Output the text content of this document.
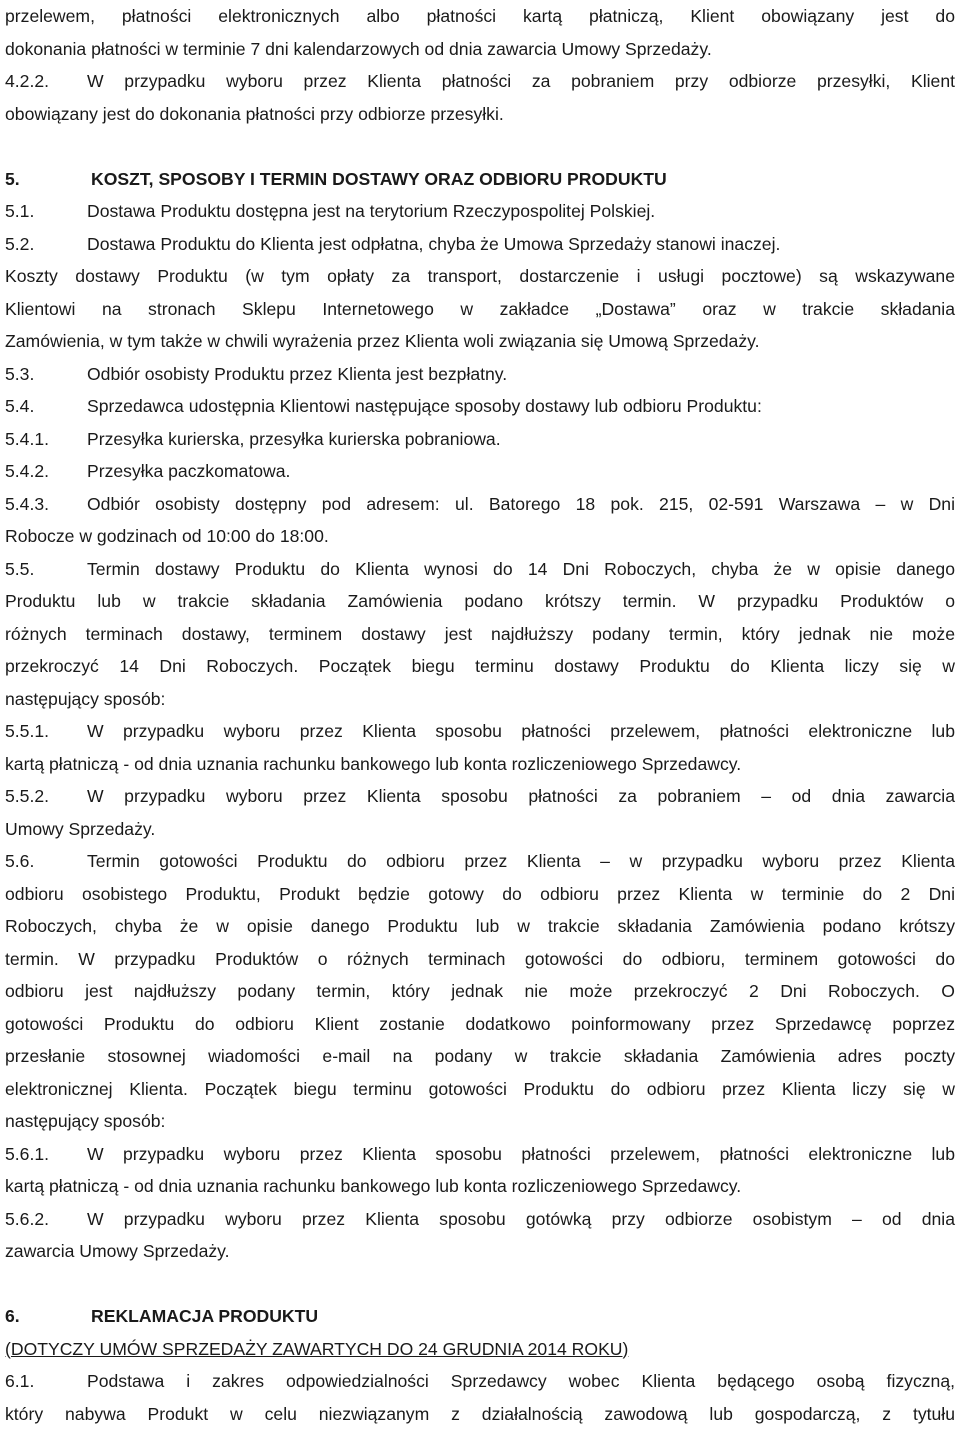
przelewem, płatności elektronicznych albo płatności kartą płatniczą, Klient obowiązany jest do
dokonania płatności w terminie 7 dni kalendarzowych od dnia zawarcia Umowy Sprzedaży.
4.2.2. W przypadku wyboru przez Klienta płatności za pobraniem przy odbiorze przesyłki, Klient
obowiązany jest do dokonania płatności przy odbiorze przesyłki.
5.	KOSZT, SPOSOBY I TERMIN DOSTAWY ORAZ ODBIORU PRODUKTU
5.1.	Dostawa Produktu dostępna jest na terytorium Rzeczypospolitej Polskiej.
5.2.	Dostawa Produktu do Klienta jest odpłatna, chyba że Umowa Sprzedaży stanowi inaczej.
Koszty dostawy Produktu (w tym opłaty za transport, dostarczenie i usługi pocztowe) są wskazywane
Klientowi na stronach Sklepu Internetowego w zakładce „Dostawa” oraz w trakcie składania
Zamówienia, w tym także w chwili wyrażenia przez Klienta woli związania się Umową Sprzedaży.
5.3.	Odbiór osobisty Produktu przez Klienta jest bezpłatny.
5.4.	Sprzedawca udostępnia Klientowi następujące sposoby dostawy lub odbioru Produktu:
5.4.1. Przesyłka kurierska, przesyłka kurierska pobraniowa.
5.4.2. Przesyłka paczkomatowa.
5.4.3. Odbiór osobisty dostępny pod adresem: ul. Batorego 18 pok. 215, 02-591 Warszawa – w Dni
Robocze w godzinach od 10:00 do 18:00.
5.5.	Termin dostawy Produktu do Klienta wynosi do 14 Dni Roboczych, chyba że w opisie danego
Produktu lub w trakcie składania Zamówienia podano krótszy termin. W przypadku Produktów o
różnych terminach dostawy, terminem dostawy jest najdłuższy podany termin, który jednak nie może
przekroczyć 14 Dni Roboczych. Początek biegu terminu dostawy Produktu do Klienta liczy się w
następujący sposób:
5.5.1. W przypadku wyboru przez Klienta sposobu płatności przelewem, płatności elektroniczne lub
kartą płatniczą - od dnia uznania rachunku bankowego lub konta rozliczeniowego Sprzedawcy.
5.5.2. W przypadku wyboru przez Klienta sposobu płatności za pobraniem – od dnia zawarcia
Umowy Sprzedaży.
5.6.	Termin gotowości Produktu do odbioru przez Klienta – w przypadku wyboru przez Klienta
odbioru osobistego Produktu, Produkt będzie gotowy do odbioru przez Klienta w terminie do 2 Dni
Roboczych, chyba że w opisie danego Produktu lub w trakcie składania Zamówienia podano krótszy
termin. W przypadku Produktów o różnych terminach gotowości do odbioru, terminem gotowości do
odbioru jest najdłuższy podany termin, który jednak nie może przekroczyć 2 Dni Roboczych. O
gotowości Produktu do odbioru Klient zostanie dodatkowo poinformowany przez Sprzedawcę poprzez
przesłanie stosownej wiadomości e-mail na podany w trakcie składania Zamówienia adres poczty
elektronicznej Klienta. Początek biegu terminu gotowości Produktu do odbioru przez Klienta liczy się w
następujący sposób:
5.6.1. W przypadku wyboru przez Klienta sposobu płatności przelewem, płatności elektroniczne lub
kartą płatniczą - od dnia uznania rachunku bankowego lub konta rozliczeniowego Sprzedawcy.
5.6.2. W przypadku wyboru przez Klienta sposobu gotówką przy odbiorze osobistym – od dnia
zawarcia Umowy Sprzedaży.
6.	REKLAMACJA PRODUKTU
(DOTYCZY UMÓW SPRZEDAŻY ZAWARTYCH DO 24 GRUDNIA 2014 ROKU)
6.1.	Podstawa i zakres odpowiedzialności Sprzedawcy wobec Klienta będącego osobą fizyczną,
który nabywa Produkt w celu niezwiązanym z działalnością zawodową lub gospodarczą, z tytułu
